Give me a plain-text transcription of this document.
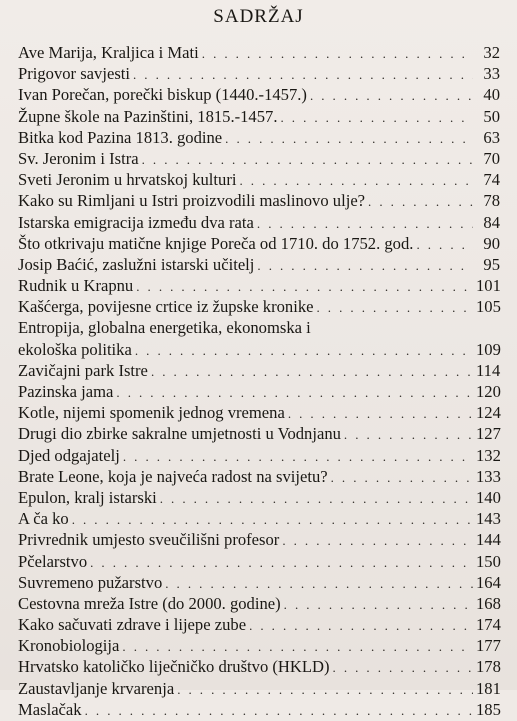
SADRŽAJ
Ave Marija, Kraljica i Mati . . .	32
Prigovor savjesti . . .	33
Ivan Porečan, porečki biskup (1440.-1457.) . . .	40
Župne škole na Pazinštini, 1815.-1457. . . .	50
Bitka kod Pazina 1813. godine . . .	63
Sv. Jeronim i Istra . . .	70
Sveti Jeronim u hrvatskoj kulturi . . .	74
Kako su Rimljani u Istri proizvodili maslinovo ulje? . . .	78
Istarska emigracija između dva rata . . .	84
Što otkrivaju matične knjige Poreča od 1710. do 1752. god. . . .	90
Josip Baćić, zaslužni istarski učitelj . . .	95
Rudnik u Krapnu . . .	101
Kašćerga, povijesne crtice iz župske kronike . . .	105
Entropija, globalna energetika, ekonomska i
ekološka politika . . .	109
Zavičajni park Istre . . .	114
Pazinska jama . . .	120
Kotle, nijemi spomenik jednog vremena . . .	124
Drugi dio zbirke sakralne umjetnosti u Vodnjanu . . .	127
Djed odgajatelj . . .	132
Brate Leone, koja je najveća radost na svijetu? . . .	133
Epulon, kralj istarski . . .	140
A ča ko . . .	143
Privrednik umjesto sveučilišni profesor . . .	144
Pčelarstvo . . .	150
Suvremeno pužarstvo . . .	164
Cestovna mreža Istre (do 2000. godine) . . .	168
Kako sačuvati zdrave i lijepe zube . . .	174
Kronobiologija . . .	177
Hrvatsko katoličko liječničko društvo (HKLD) . . .	178
Zaustavljanje krvarenja . . .	181
Maslačak . . .	185
